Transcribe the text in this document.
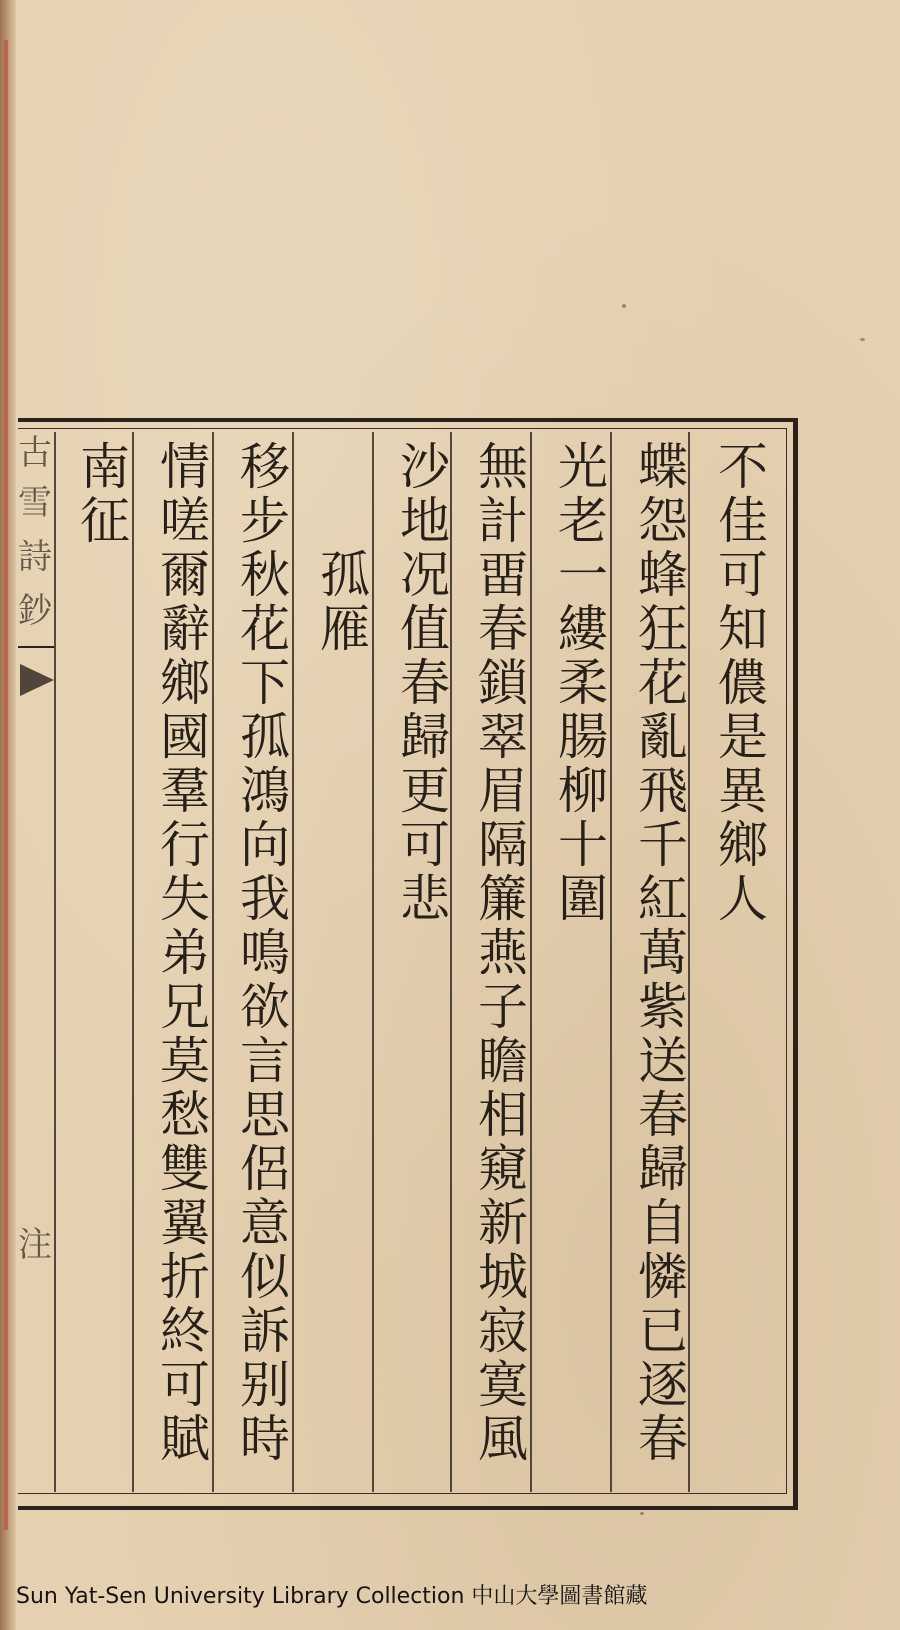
古
雪
詩
鈔
注
不佳可知儂是異鄉人
蝶怨蜂狂花亂飛千紅萬紫送春歸自憐已逐春
光老一縷柔腸柳十圍
無計畱春鎖翠眉隔簾燕子瞻相窺新城寂寞風
沙地况值春歸更可悲
孤雁
移步秋花下孤鴻向我鳴欲言思侶意似訴别時
情嗟爾辭鄉國羣行失弟兄莫愁雙翼折終可賦
南征
Sun Yat-Sen University Library Collection 中山大學圖書館藏
